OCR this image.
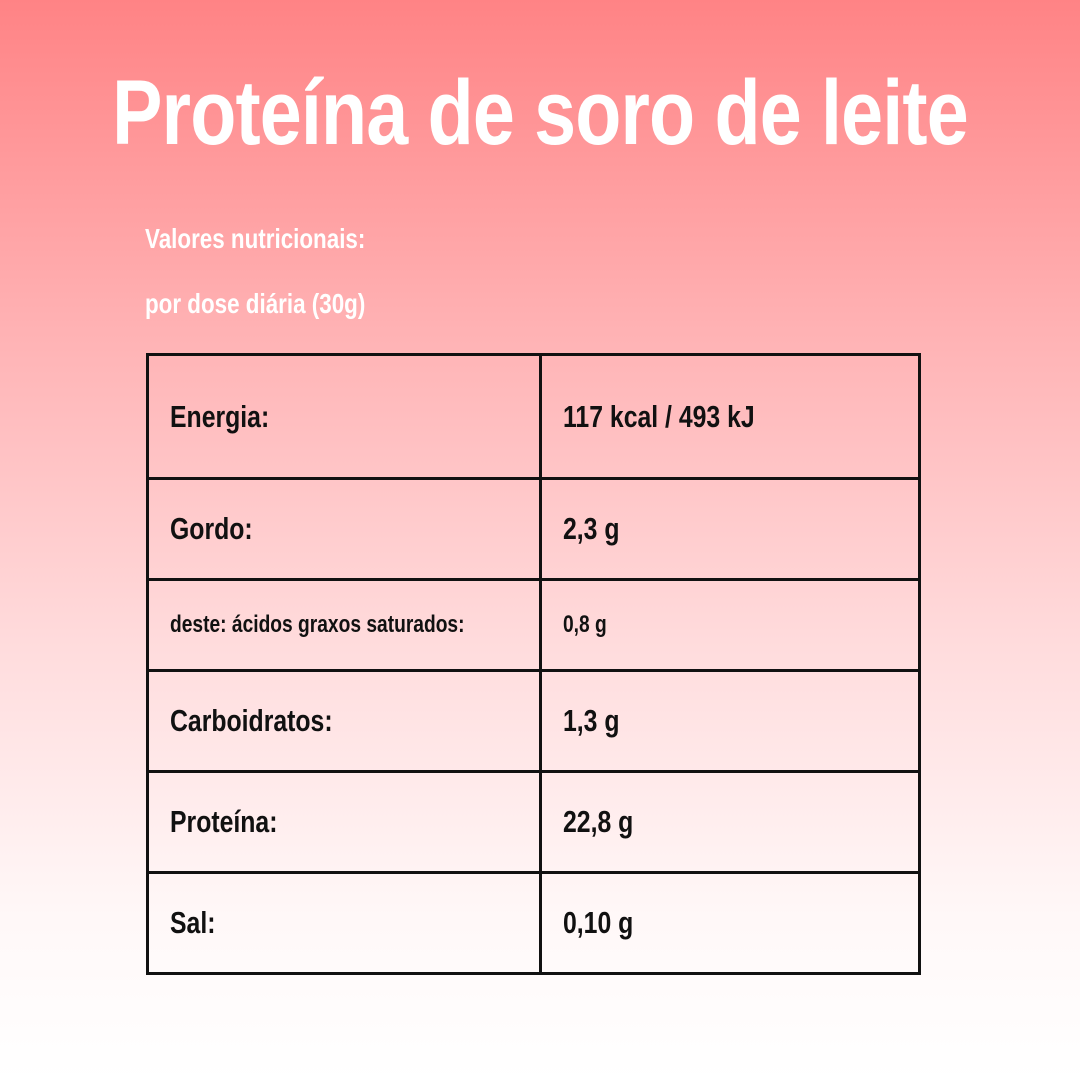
Proteína de soro de leite
Valores nutricionais:
por dose diária (30g)
Energia:	117 kcal / 493 kJ
Gordo:	2,3 g
deste: ácidos graxos saturados:	0,8 g
Carboidratos:	1,3 g
Proteína:	22,8 g
Sal:	0,10 g
